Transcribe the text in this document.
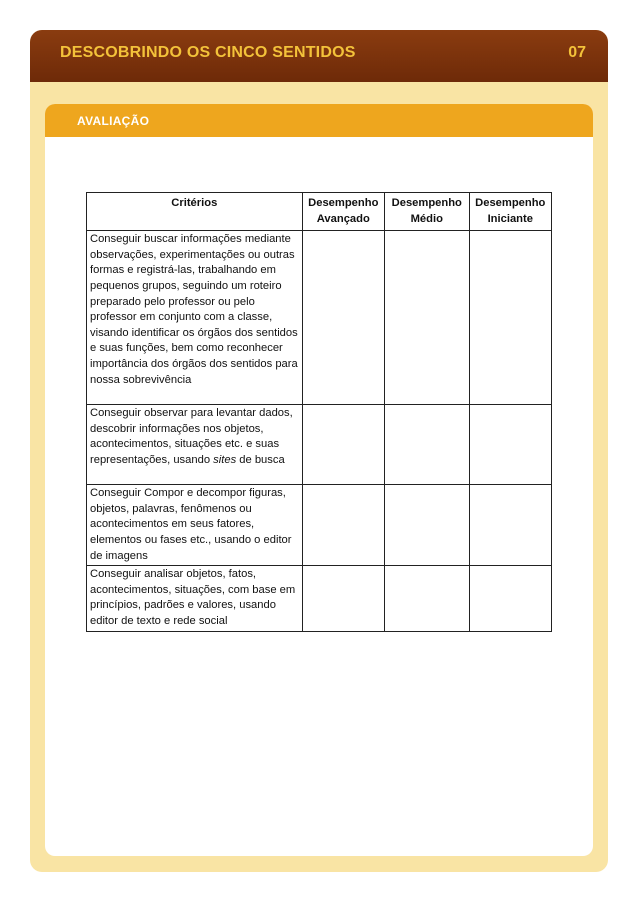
DESCOBRINDO OS CINCO SENTIDOS	07
AVALIAÇÃO
Critérios	Desempenho Avançado	Desempenho Médio	Desempenho Iniciante
Conseguir buscar informações mediante observações, experimentações ou outras formas e registrá-las, trabalhando em pequenos grupos, seguindo um roteiro preparado pelo professor ou pelo professor em conjunto com a classe, visando identificar os órgãos dos sentidos e suas funções, bem como reconhecer importância dos órgãos dos sentidos para nossa sobrevivência			
Conseguir observar para levantar dados, descobrir informações nos objetos, acontecimentos, situações etc. e suas representações, usando sites de busca			
Conseguir Compor e decompor figuras, objetos, palavras, fenômenos ou acontecimentos em seus fatores, elementos ou fases etc., usando o editor de imagens			
Conseguir analisar objetos, fatos, acontecimentos, situações, com base em princípios, padrões e valores, usando editor de texto e rede social			
